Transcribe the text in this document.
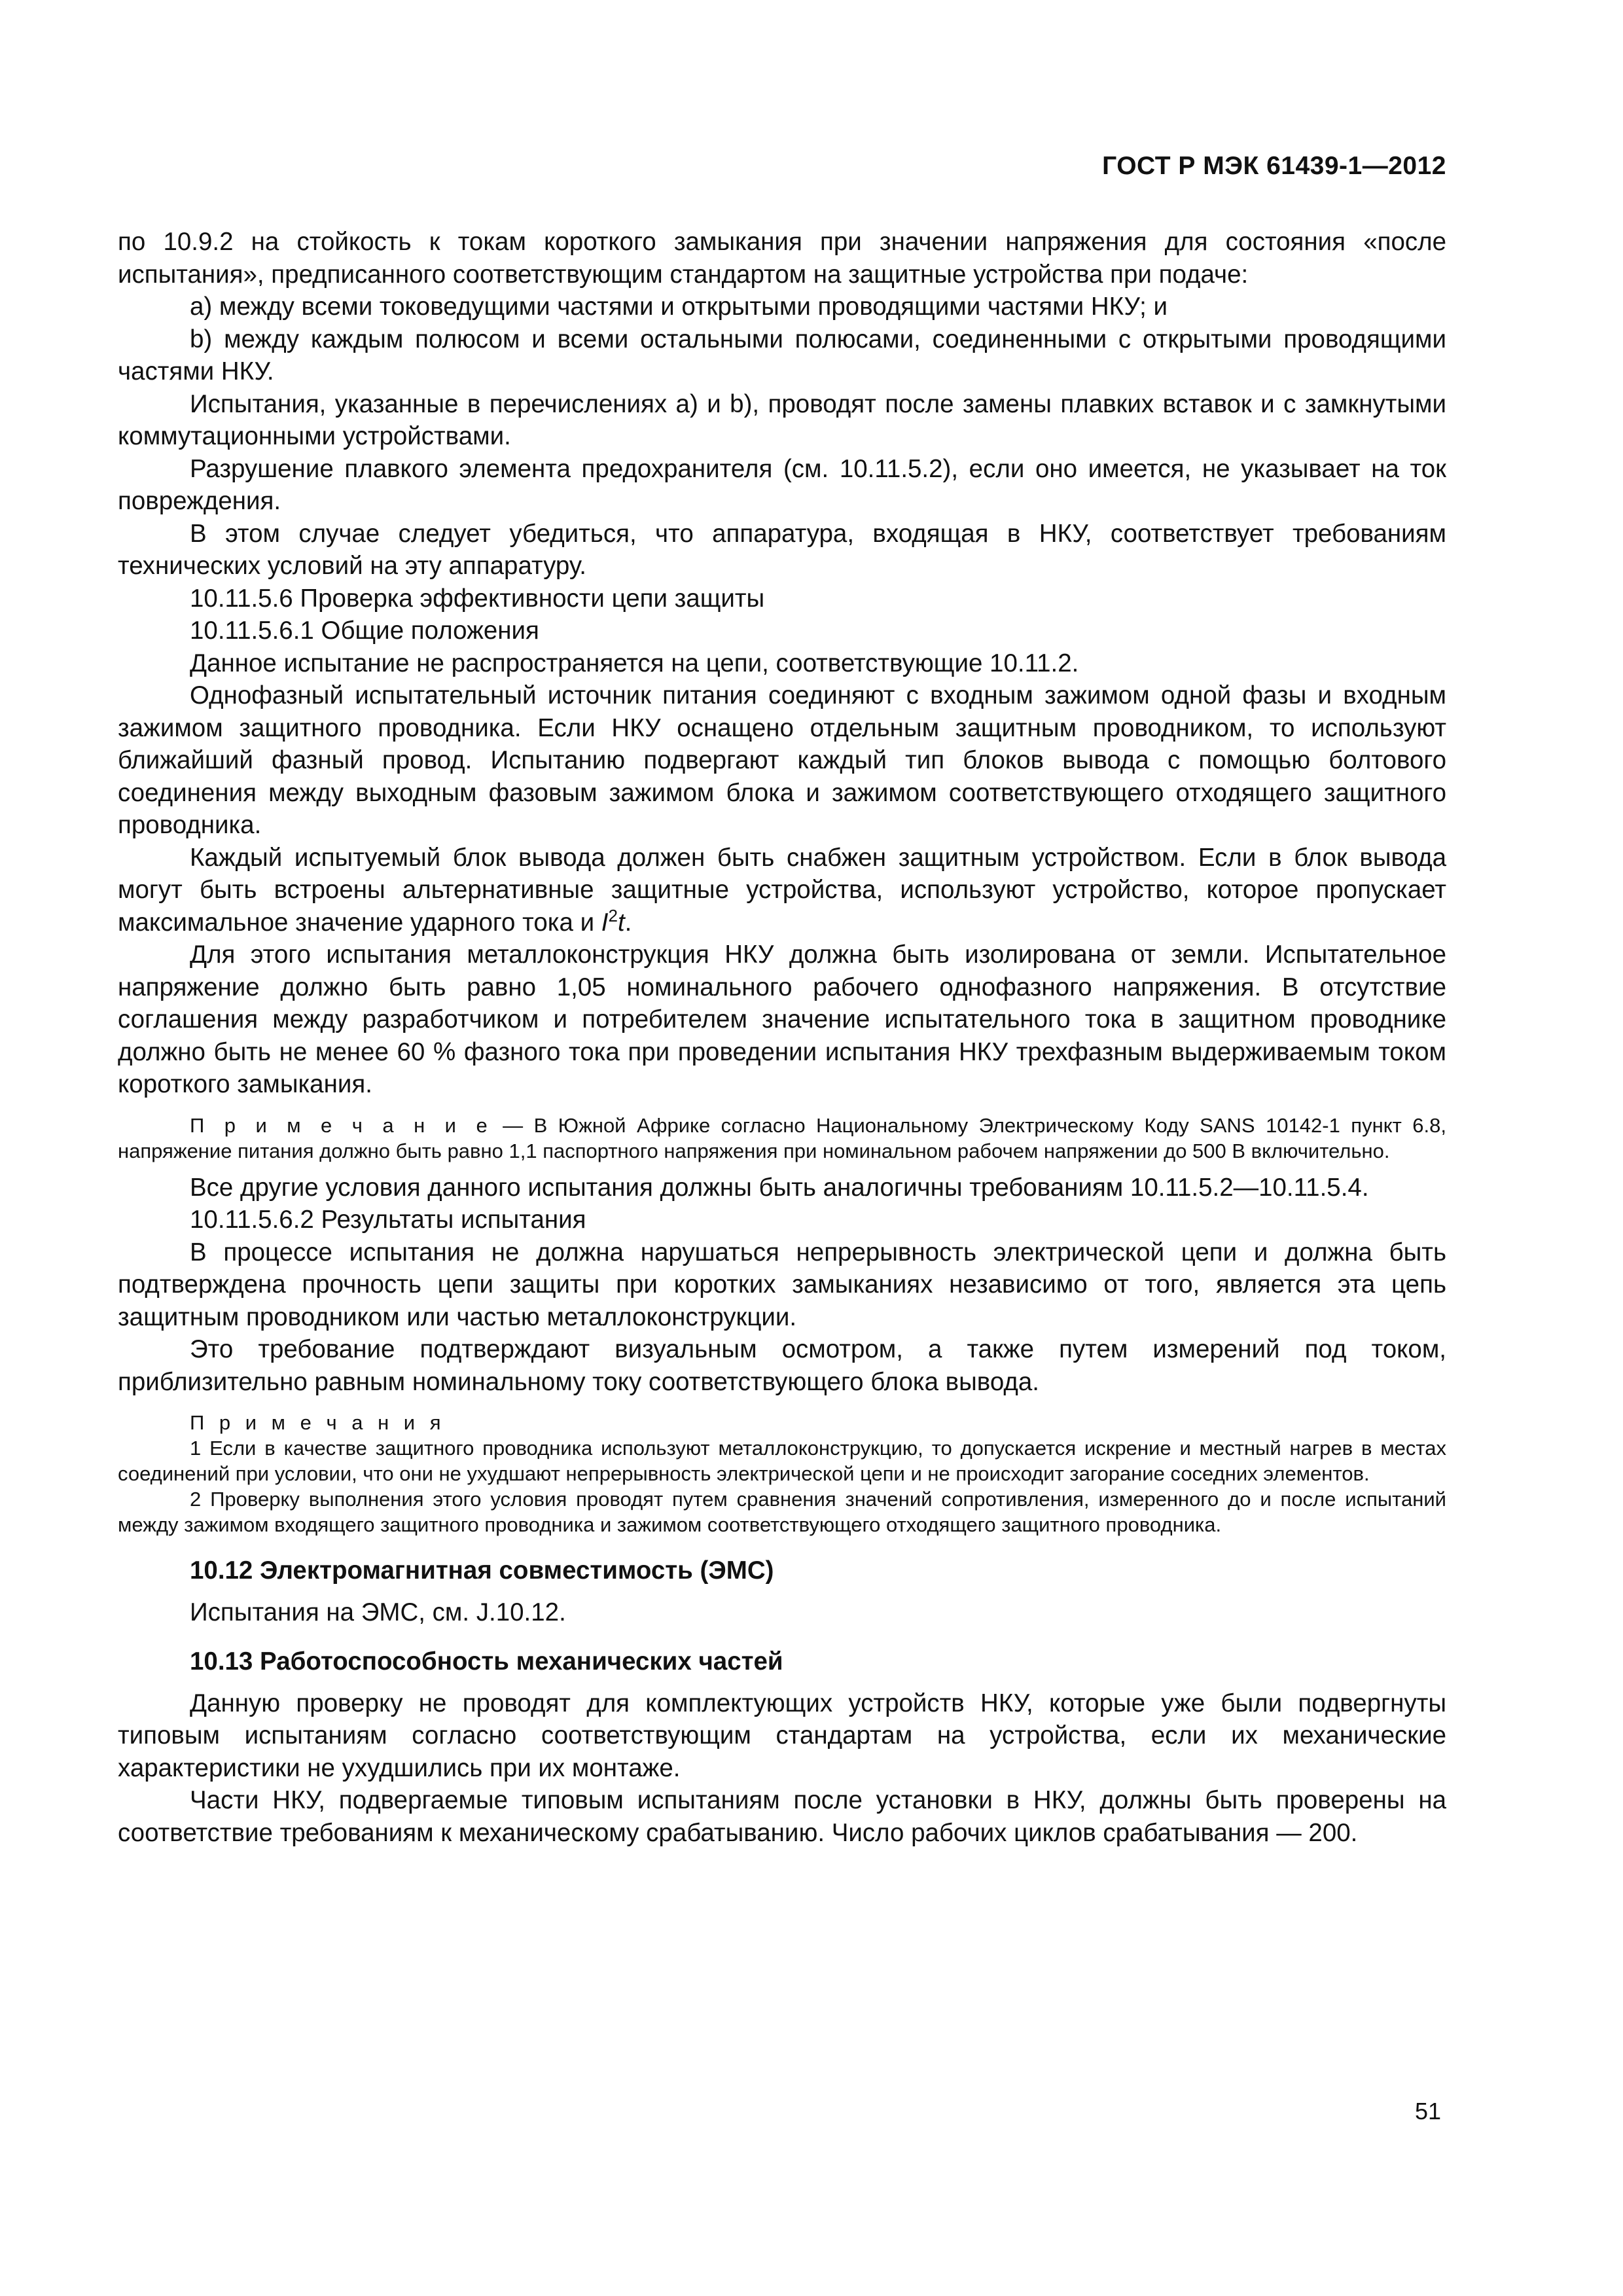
ГОСТ Р МЭК 61439-1—2012

по 10.9.2 на стойкость к токам короткого замыкания при значении напряжения для состояния «после испытания», предписанного соответствующим стандартом на защитные устройства при подаче:

а) между всеми токоведущими частями и открытыми проводящими частями НКУ; и

b) между каждым полюсом и всеми остальными полюсами, соединенными с открытыми проводящими частями НКУ.

Испытания, указанные в перечислениях а) и b), проводят после замены плавких вставок и с замкнутыми коммутационными устройствами.

Разрушение плавкого элемента предохранителя (см. 10.11.5.2), если оно имеется, не указывает на ток повреждения.

В этом случае следует убедиться, что аппаратура, входящая в НКУ, соответствует требованиям технических условий на эту аппаратуру.

10.11.5.6 Проверка эффективности цепи защиты

10.11.5.6.1 Общие положения

Данное испытание не распространяется на цепи, соответствующие 10.11.2.

Однофазный испытательный источник питания соединяют с входным зажимом одной фазы и входным зажимом защитного проводника. Если НКУ оснащено отдельным защитным проводником, то используют ближайший фазный провод. Испытанию подвергают каждый тип блоков вывода с помощью болтового соединения между выходным фазовым зажимом блока и зажимом соответствующего отходящего защитного проводника.

Каждый испытуемый блок вывода должен быть снабжен защитным устройством. Если в блок вывода могут быть встроены альтернативные защитные устройства, используют устройство, которое пропускает максимальное значение ударного тока и $I^2t$.

Для этого испытания металлоконструкция НКУ должна быть изолирована от земли. Испытательное напряжение должно быть равно 1,05 номинального рабочего однофазного напряжения. В отсутствие соглашения между разработчиком и потребителем значение испытательного тока в защитном проводнике должно быть не менее 60 % фазного тока при проведении испытания НКУ трехфазным выдерживаемым током короткого замыкания.

П р и м е ч а н и е — В Южной Африке согласно Национальному Электрическому Коду SANS 10142-1 пункт 6.8, напряжение питания должно быть равно 1,1 паспортного напряжения при номинальном рабочем напряжении до 500 В включительно.

Все другие условия данного испытания должны быть аналогичны требованиям 10.11.5.2—10.11.5.4.

10.11.5.6.2 Результаты испытания

В процессе испытания не должна нарушаться непрерывность электрической цепи и должна быть подтверждена прочность цепи защиты при коротких замыканиях независимо от того, является эта цепь защитным проводником или частью металлоконструкции.

Это требование подтверждают визуальным осмотром, а также путем измерений под током, приблизительно равным номинальному току соответствующего блока вывода.

П р и м е ч а н и я

1 Если в качестве защитного проводника используют металлоконструкцию, то допускается искрение и местный нагрев в местах соединений при условии, что они не ухудшают непрерывность электрической цепи и не происходит загорание соседних элементов.

2 Проверку выполнения этого условия проводят путем сравнения значений сопротивления, измеренного до и после испытаний между зажимом входящего защитного проводника и зажимом соответствующего отходящего защитного проводника.

10.12 Электромагнитная совместимость (ЭМС)

Испытания на ЭМС, см. J.10.12.

10.13 Работоспособность механических частей

Данную проверку не проводят для комплектующих устройств НКУ, которые уже были подвергнуты типовым испытаниям согласно соответствующим стандартам на устройства, если их механические характеристики не ухудшились при их монтаже.

Части НКУ, подвергаемые типовым испытаниям после установки в НКУ, должны быть проверены на соответствие требованиям к механическому срабатыванию. Число рабочих циклов срабатывания — 200.

51
